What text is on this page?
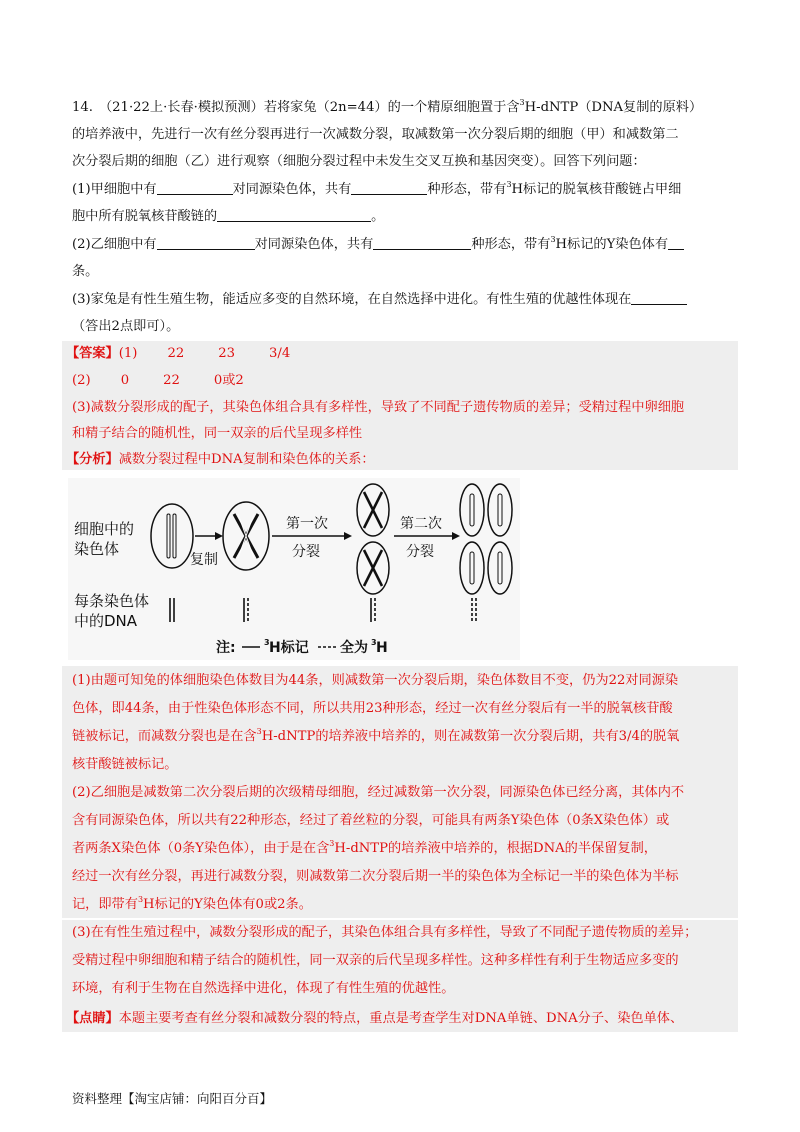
14. （21·22上·长春·模拟预测）若将家兔（2n=44）的一个精原细胞置于含$^3$H-dNTP（DNA复制的原料）
的培养液中，先进行一次有丝分裂再进行一次减数分裂，取减数第一次分裂后期的细胞（甲）和减数第二
次分裂后期的细胞（乙）进行观察（细胞分裂过程中未发生交叉互换和基因突变）。回答下列问题：
(1)甲细胞中有	对同源染色体，共有	种形态，带有$^3$H标记的脱氧核苷酸链占甲细
胞中所有脱氧核苷酸链的	。
(2)乙细胞中有	对同源染色体，共有	种形态，带有$^3$H标记的Y染色体有
条。
(3)家兔是有性生殖生物，能适应多变的自然环境，在自然选择中进化。有性生殖的优越性体现在
（答出2点即可）。
【答案】(1) 22	23	3/4
(2) 0	22	0或2
(3)减数分裂形成的配子，其染色体组合具有多样性，导致了不同配子遗传物质的差异；受精过程中卵细胞
和精子结合的随机性，同一双亲的后代呈现多样性
【分析】减数分裂过程中DNA复制和染色体的关系：
细胞中的
染色体
每条染色体
中的DNA
复制
第一次
分裂
第二次
分裂
注:	3 H标记 全为 3 H
(1)由题可知兔的体细胞染色体数目为44条，则减数第一次分裂后期，染色体数目不变，仍为22对同源染
色体，即44条，由于性染色体形态不同，所以共用23种形态，经过一次有丝分裂后有一半的脱氧核苷酸
链被标记，而减数分裂也是在含$^3$H-dNTP的培养液中培养的，则在减数第一次分裂后期，共有3/4的脱氧
核苷酸链被标记。
(2)乙细胞是减数第二次分裂后期的次级精母细胞，经过减数第一次分裂，同源染色体已经分离，其体内不
含有同源染色体，所以共有22种形态，经过了着丝粒的分裂，可能具有两条Y染色体（0条X染色体）或
者两条X染色体（0条Y染色体），由于是在含$^3$H-dNTP的培养液中培养的，根据DNA的半保留复制，
经过一次有丝分裂，再进行减数分裂，则减数第二次分裂后期一半的染色体为全标记一半的染色体为半标
记，即带有$^3$H标记的Y染色体有0或2条。
(3)在有性生殖过程中，减数分裂形成的配子，其染色体组合具有多样性，导致了不同配子遗传物质的差异；
受精过程中卵细胞和精子结合的随机性，同一双亲的后代呈现多样性。这种多样性有利于生物适应多变的
环境，有利于生物在自然选择中进化，体现了有性生殖的优越性。
【点睛】本题主要考查有丝分裂和减数分裂的特点，重点是考查学生对DNA单链、DNA分子、染色单体、
资料整理【淘宝店铺：向阳百分百】
